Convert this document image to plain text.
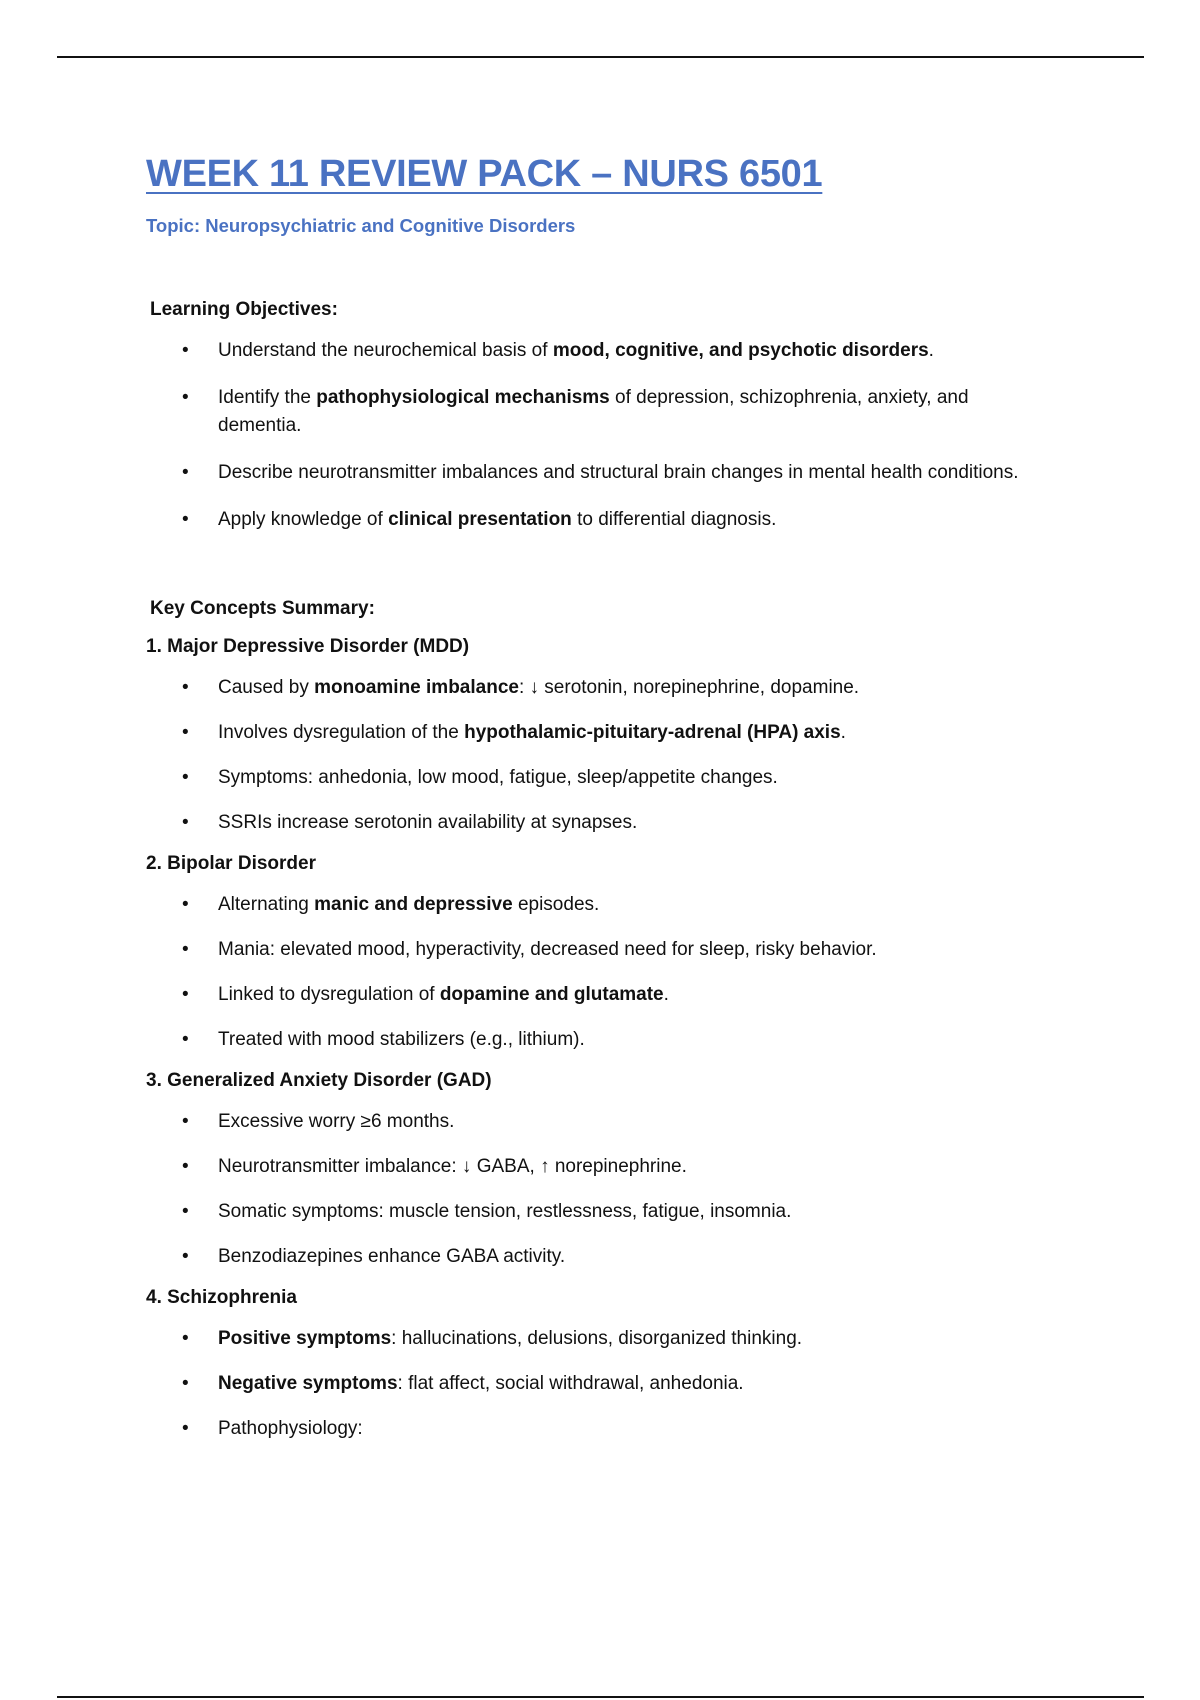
WEEK 11 REVIEW PACK – NURS 6501
Topic: Neuropsychiatric and Cognitive Disorders
Learning Objectives:
• Understand the neurochemical basis of mood, cognitive, and psychotic disorders.
• Identify the pathophysiological mechanisms of depression, schizophrenia, anxiety, and dementia.
• Describe neurotransmitter imbalances and structural brain changes in mental health conditions.
• Apply knowledge of clinical presentation to differential diagnosis.
Key Concepts Summary:
1. Major Depressive Disorder (MDD)
• Caused by monoamine imbalance: ↓ serotonin, norepinephrine, dopamine.
• Involves dysregulation of the hypothalamic-pituitary-adrenal (HPA) axis.
• Symptoms: anhedonia, low mood, fatigue, sleep/appetite changes.
• SSRIs increase serotonin availability at synapses.
2. Bipolar Disorder
• Alternating manic and depressive episodes.
• Mania: elevated mood, hyperactivity, decreased need for sleep, risky behavior.
• Linked to dysregulation of dopamine and glutamate.
• Treated with mood stabilizers (e.g., lithium).
3. Generalized Anxiety Disorder (GAD)
• Excessive worry ≥6 months.
• Neurotransmitter imbalance: ↓ GABA, ↑ norepinephrine.
• Somatic symptoms: muscle tension, restlessness, fatigue, insomnia.
• Benzodiazepines enhance GABA activity.
4. Schizophrenia
• Positive symptoms: hallucinations, delusions, disorganized thinking.
• Negative symptoms: flat affect, social withdrawal, anhedonia.
• Pathophysiology:
